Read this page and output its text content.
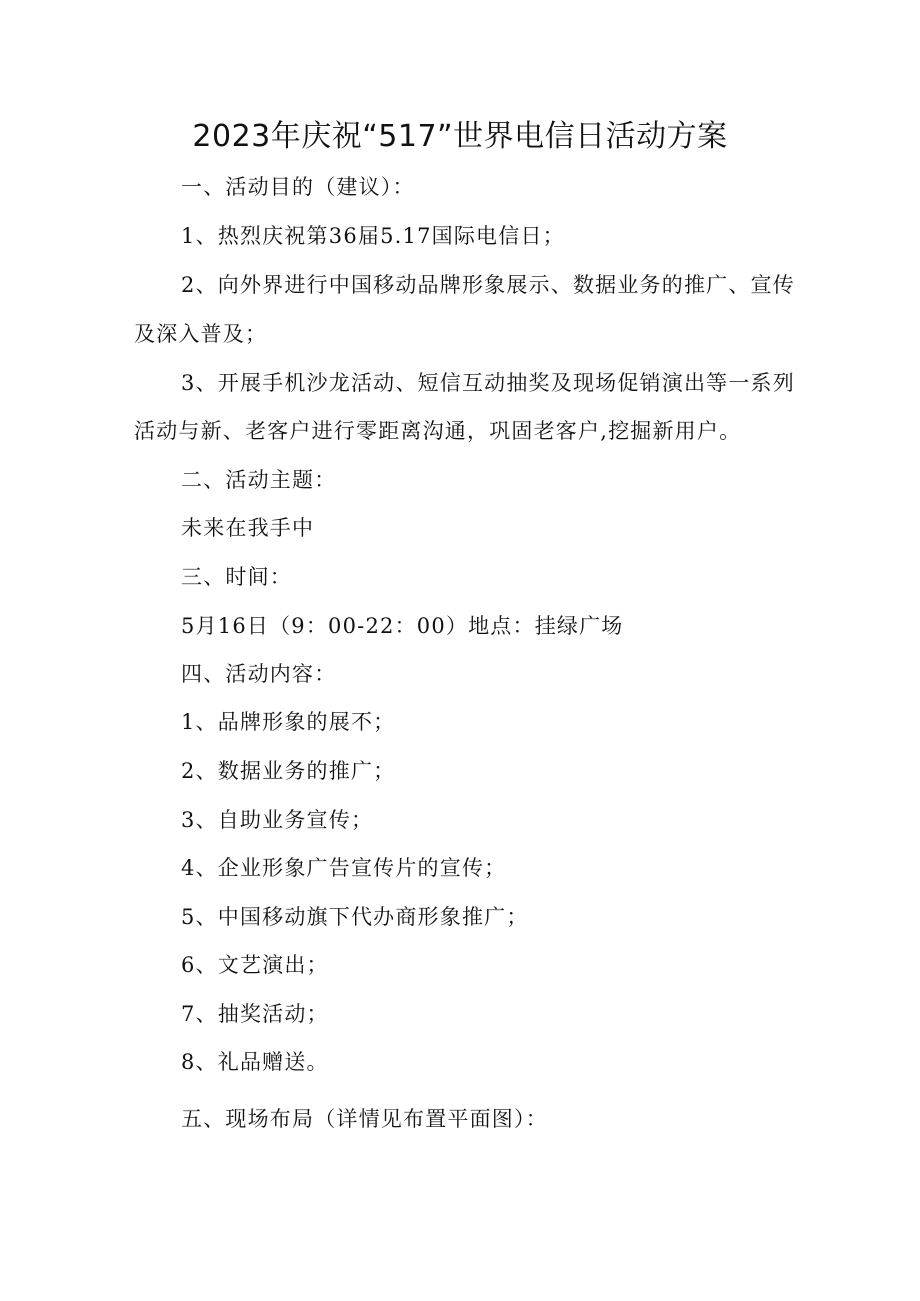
2023年庆祝“517”世界电信日活动方案
一、活动目的（建议）：
1、热烈庆祝第36届5.17国际电信日；
2、向外界进行中国移动品牌形象展示、数据业务的推广、宣传
及深入普及；
3、开展手机沙龙活动、短信互动抽奖及现场促销演出等一系列
活动与新、老客户进行零距离沟通，巩固老客户,挖掘新用户。
二、活动主题：
未来在我手中
三、时间：
5月16日（9：00-22：00）地点：挂绿广场
四、活动内容：
1、品牌形象的展不；
2、数据业务的推广；
3、自助业务宣传；
4、企业形象广告宣传片的宣传；
5、中国移动旗下代办商形象推广；
6、文艺演出；
7、抽奖活动；
8、礼品赠送。
五、现场布局（详情见布置平面图）：
